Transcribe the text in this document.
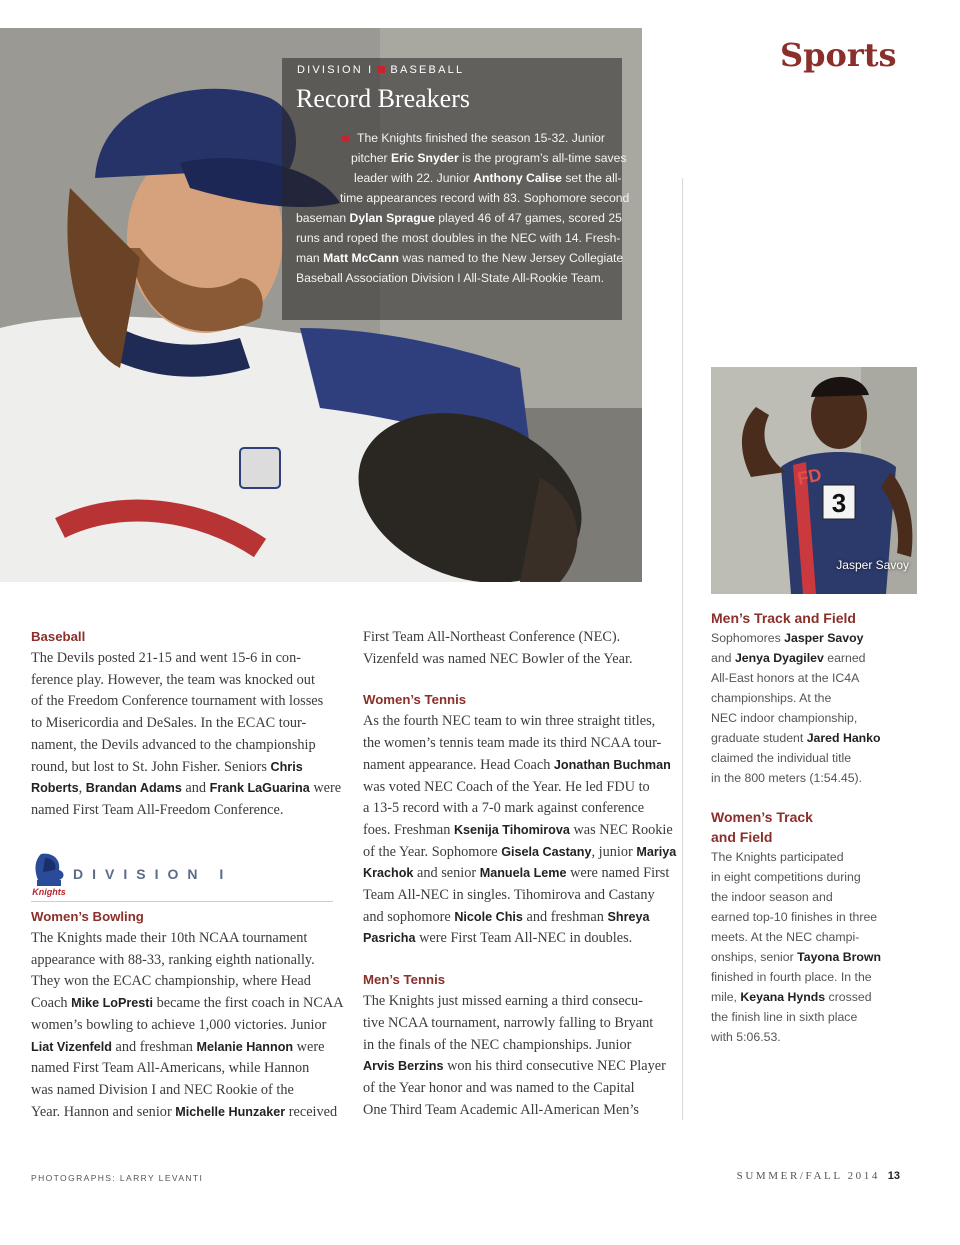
Sports
DIVISION I BASEBALL
Record Breakers

The Knights finished the season 15-32. Junior

pitcher Eric Snyder is the program’s all-time saves

leader with 22. Junior Anthony Calise set the all-

time appearances record with 83. Sophomore second

baseman Dylan Sprague played 46 of 47 games, scored 25

runs and roped the most doubles in the NEC with 14. Fresh-

man Matt McCann was named to the New Jersey Collegiate

Baseball Association Division I All-State All-Rookie Team.

3
FD
Jasper Savoy
Baseball

The Devils posted 21-15 and went 15-6 in con-

ference play. However, the team was knocked out

of the Freedom Conference tournament with losses

to Misericordia and DeSales. In the ECAC tour-

nament, the Devils advanced to the championship

round, but lost to St. John Fisher. Seniors Chris

Roberts, Brandan Adams and Frank LaGuarina were

named First Team All-Freedom Conference.

Knights
DIVISION I
Women’s Bowling

The Knights made their 10th NCAA tournament

appearance with 88-33, ranking eighth nationally.

They won the ECAC championship, where Head

Coach Mike LoPresti became the first coach in NCAA

women’s bowling to achieve 1,000 victories. Junior

Liat Vizenfeld and freshman Melanie Hannon were

named First Team All-Americans, while Hannon

was named Division I and NEC Rookie of the

Year. Hannon and senior Michelle Hunzaker received

First Team All-Northeast Conference (NEC).

Vizenfeld was named NEC Bowler of the Year.

Women’s Tennis

As the fourth NEC team to win three straight titles,

the women’s tennis team made its third NCAA tour-

nament appearance. Head Coach Jonathan Buchman

was voted NEC Coach of the Year. He led FDU to

a 13-5 record with a 7-0 mark against conference

foes. Freshman Ksenija Tihomirova was NEC Rookie

of the Year. Sophomore Gisela Castany, junior Mariya

Krachok and senior Manuela Leme were named First

Team All-NEC in singles. Tihomirova and Castany

and sophomore Nicole Chis and freshman Shreya

Pasricha were First Team All-NEC in doubles.

Men’s Tennis

The Knights just missed earning a third consecu-

tive NCAA tournament, narrowly falling to Bryant

in the finals of the NEC championships. Junior

Arvis Berzins won his third consecutive NEC Player

of the Year honor and was named to the Capital

One Third Team Academic All-American Men’s

Men’s Track and Field

Sophomores Jasper Savoy

and Jenya Dyagilev earned

All-East honors at the IC4A

championships. At the

NEC indoor championship,

graduate student Jared Hanko

claimed the individual title

in the 800 meters (1:54.45).

Women’s Track
and Field

The Knights participated

in eight competitions during

the indoor season and

earned top-10 finishes in three

meets. At the NEC champi-

onships, senior Tayona Brown

finished in fourth place. In the

mile, Keyana Hynds crossed

the finish line in sixth place

with 5:06.53.

PHOTOGRAPHS: LARRY LEVANTI	SUMMER/FALL 2014 13
